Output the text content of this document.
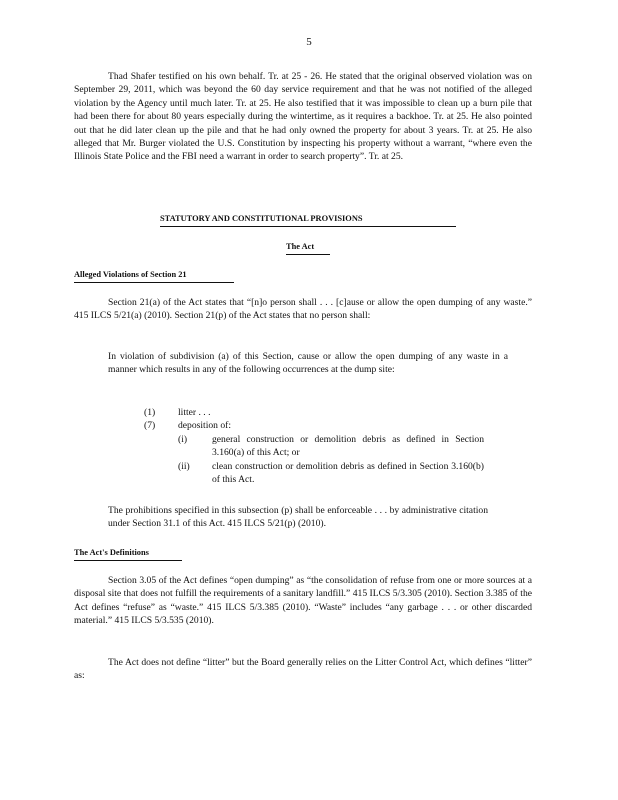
5

Thad Shafer testified on his own behalf. Tr. at 25 - 26. He stated that the original observed violation was on September 29, 2011, which was beyond the 60 day service requirement and that he was not notified of the alleged violation by the Agency until much later. Tr. at 25. He also testified that it was impossible to clean up a burn pile that had been there for about 80 years especially during the wintertime, as it requires a backhoe. Tr. at 25. He also pointed out that he did later clean up the pile and that he had only owned the property for about 3 years. Tr. at 25. He also alleged that Mr. Burger violated the U.S. Constitution by inspecting his property without a warrant, “where even the Illinois State Police and the FBI need a warrant in order to search property”. Tr. at 25.

STATUTORY AND CONSTITUTIONAL PROVISIONS
The Act
Alleged Violations of Section 21

Section 21(a) of the Act states that “[n]o person shall . . . [c]ause or allow the open dumping of any waste.” 415 ILCS 5/21(a) (2010). Section 21(p) of the Act states that no person shall:

In violation of subdivision (a) of this Section, cause or allow the open dumping of any waste in a manner which results in any of the following occurrences at the dump site:

(1)	litter . . .
(7)	deposition of:
(i)	general construction or demolition debris as defined in Section 3.160(a) of this Act; or
(ii)	clean construction or demolition debris as defined in Section 3.160(b) of this Act.

The prohibitions specified in this subsection (p) shall be enforceable . . . by administrative citation under Section 31.1 of this Act. 415 ILCS 5/21(p) (2010).

The Act's Definitions

Section 3.05 of the Act defines “open dumping” as “the consolidation of refuse from one or more sources at a disposal site that does not fulfill the requirements of a sanitary landfill.” 415 ILCS 5/3.305 (2010). Section 3.385 of the Act defines “refuse” as “waste.” 415 ILCS 5/3.385 (2010). “Waste” includes “any garbage . . . or other discarded material.” 415 ILCS 5/3.535 (2010).

The Act does not define “litter” but the Board generally relies on the Litter Control Act, which defines “litter” as:
